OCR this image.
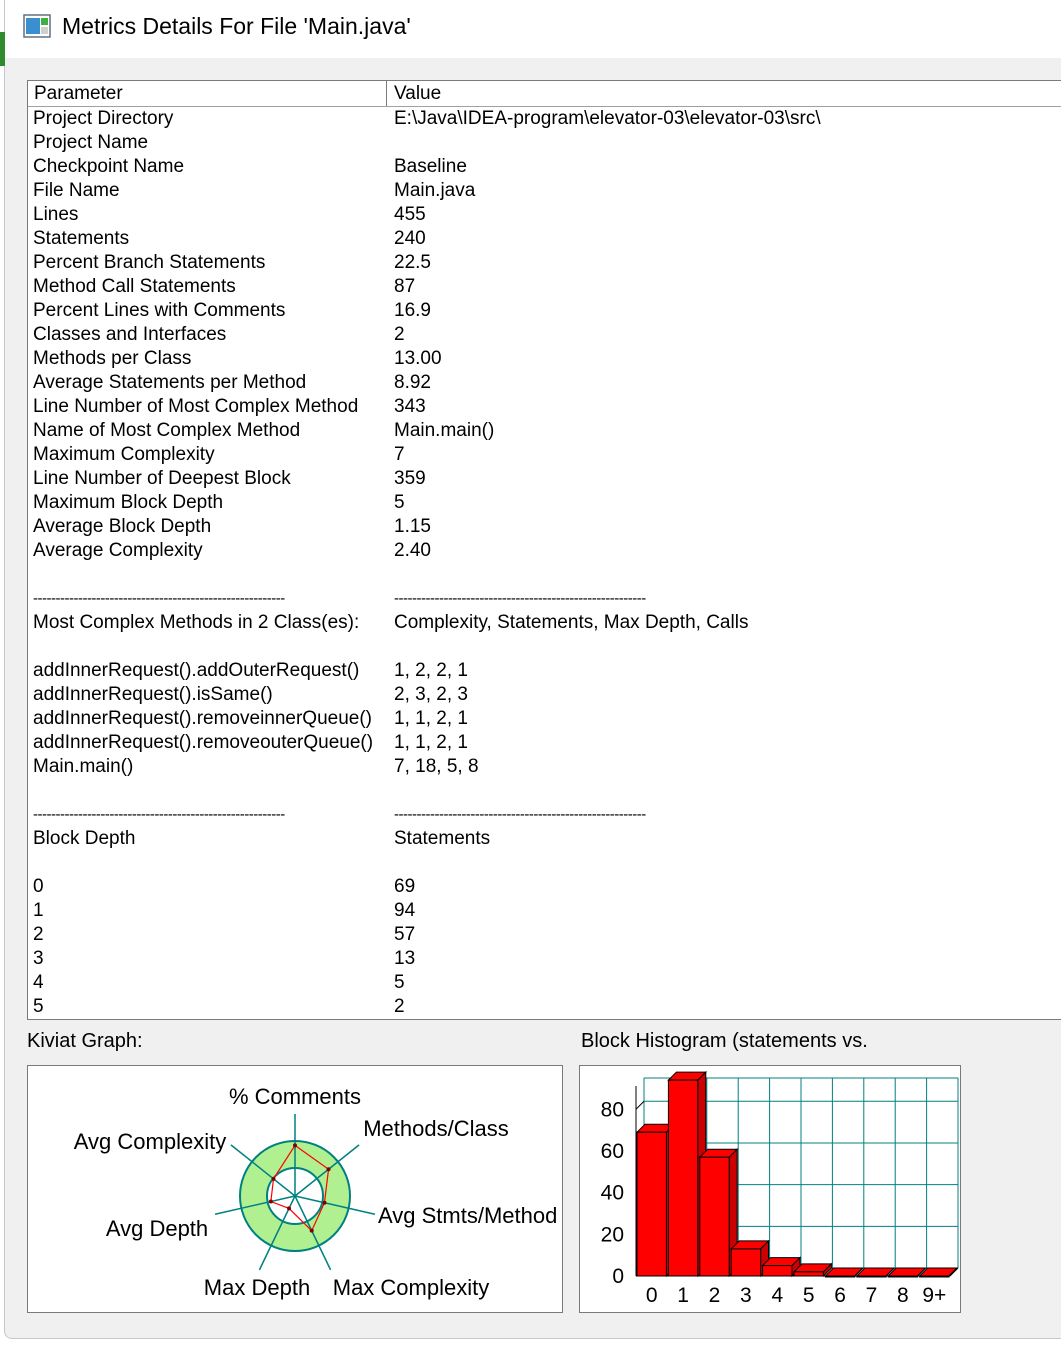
Metrics Details For File 'Main.java'
Parameter	Value
Project Directory	E:\Java\IDEA-program\elevator-03\elevator-03\src\
Project Name
Checkpoint Name	Baseline
File Name	Main.java
Lines	455
Statements	240
Percent Branch Statements	22.5
Method Call Statements	87
Percent Lines with Comments	16.9
Classes and Interfaces	2
Methods per Class	13.00
Average Statements per Method	8.92
Line Number of Most Complex Method 343
Name of Most Complex Method	Main.main()
Maximum Complexity	7
Line Number of Deepest Block	359
Maximum Block Depth	5
Average Block Depth	1.15
Average Complexity	2.40
--------------------------------------------------------	--------------------------------------------------------
Most Complex Methods in 2 Class(es): Complexity, Statements, Max Depth, Calls
addInnerRequest().addOuterRequest() 1, 2, 2, 1
addInnerRequest().isSame()	2, 3, 2, 3
addInnerRequest().removeinnerQueue() 1, 1, 2, 1
addInnerRequest().removeouterQueue() 1, 1, 2, 1
Main.main()	7, 18, 5, 8
--------------------------------------------------------	--------------------------------------------------------
Block Depth	Statements
0	69
1	94
2	57
3	13
4	5
5	2
Kiviat Graph:	Block Histogram (statements vs.
% Comments
Methods/Class
Avg Stmts/Method
Max Complexity
Max Depth
Avg Depth
Avg Complexity
0
20
40
60
80
0 1 2 3 4 5 6 7 8 9+
